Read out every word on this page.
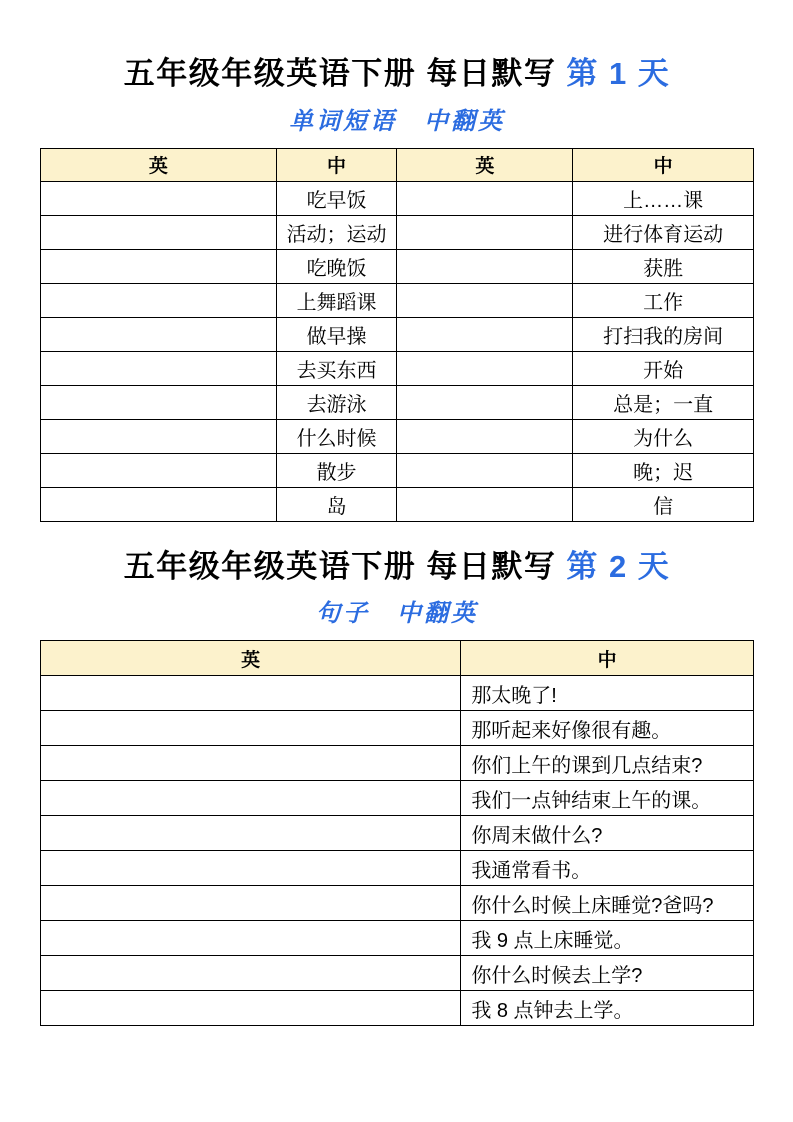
五年级年级英语下册 每日默写 第 1 天
单词短语　中翻英
英	中	英	中
	吃早饭		上……课
	活动；运动		进行体育运动
	吃晚饭		获胜
	上舞蹈课		工作
	做早操		打扫我的房间
	去买东西		开始
	去游泳		总是；一直
	什么时候		为什么
	散步		晚；迟
	岛		信
五年级年级英语下册 每日默写 第 2 天
句子　中翻英
英	中
	那太晚了!
	那听起来好像很有趣。
	你们上午的课到几点结束?
	我们一点钟结束上午的课。
	你周末做什么?
	我通常看书。
	你什么时候上床睡觉?爸吗?
	我 9 点上床睡觉。
	你什么时候去上学?
	我 8 点钟去上学。
